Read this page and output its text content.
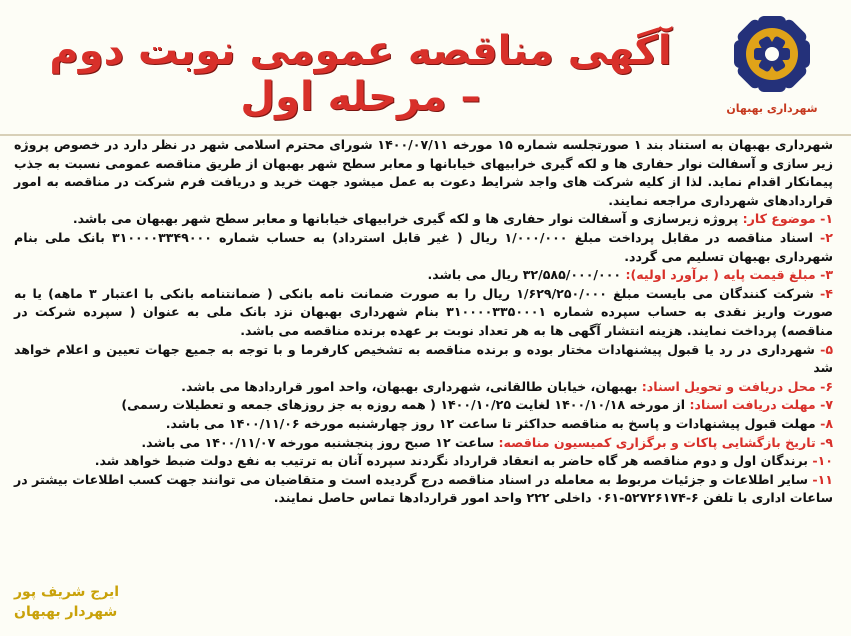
شهرداری بهبهان
آگهی مناقصه عمومی نوبت دوم – مرحله اول

شهرداری بهبهان به استناد بند ۱ صورتجلسه شماره ۱۵ مورخه ۱۴۰۰/۰۷/۱۱ شورای محترم اسلامی شهر در نظر دارد در خصوص پروژه زیر سازی و آسفالت نوار حفاری ها و لکه گیری خرابیهای خیابانها و معابر سطح شهر بهبهان از طریق مناقصه عمومی نسبت به جذب پیمانکار اقدام نماید. لذا از کلیه شرکت های واجد شرایط دعوت به عمل میشود جهت خرید و دریافت فرم شرکت در مناقصه به امور قراردادهای شهرداری مراجعه نمایند.

۱- موضوع کار: پروژه زیرسازی و آسفالت نوار حفاری ها و لکه گیری خرابیهای خیابانها و معابر سطح شهر بهبهان می باشد.

۲- اسناد مناقصه در مقابل پرداخت مبلغ ۱/۰۰۰/۰۰۰ ریال ( غیر قابل استرداد) به حساب شماره ۳۱۰۰۰۰۳۳۴۹۰۰۰ بانک ملی بنام شهرداری بهبهان تسلیم می گردد.

۳- مبلغ قیمت پایه ( برآورد اولیه): ۳۲/۵۸۵/۰۰۰/۰۰۰ ریال می باشد.

۴- شرکت کنندگان می بایست مبلغ ۱/۶۲۹/۲۵۰/۰۰۰ ریال را به صورت ضمانت نامه بانکی ( ضمانتنامه بانکی با اعتبار ۳ ماهه) یا به صورت واریز نقدی به حساب سپرده شماره ۳۱۰۰۰۰۳۳۵۰۰۰۱ بنام شهرداری بهبهان نزد بانک ملی به عنوان ( سپرده شرکت در مناقصه) پرداخت نمایند. هزینه انتشار آگهی ها به هر تعداد نوبت بر عهده برنده مناقصه می باشد.

۵- شهرداری در رد یا قبول پیشنهادات مختار بوده و برنده مناقصه به تشخیص کارفرما و با توجه به جمیع جهات تعیین و اعلام خواهد شد

۶- محل دریافت و تحویل اسناد: بهبهان، خیابان طالقانی، شهرداری بهبهان، واحد امور قراردادها می باشد.

۷- مهلت دریافت اسناد: از مورخه ۱۴۰۰/۱۰/۱۸ لغایت ۱۴۰۰/۱۰/۲۵ ( همه روزه به جز روزهای جمعه و تعطیلات رسمی)

۸- مهلت قبول پیشنهادات و پاسخ به مناقصه حداکثر تا ساعت ۱۲ روز چهارشنبه مورخه ۱۴۰۰/۱۱/۰۶ می باشد.

۹- تاریخ بازگشایی پاکات و برگزاری کمیسیون مناقصه: ساعت ۱۲ صبح روز پنجشنبه مورخه ۱۴۰۰/۱۱/۰۷ می باشد.

۱۰- برندگان اول و دوم مناقصه هر گاه حاضر به انعقاد قرارداد نگردند سپرده آنان به ترتیب به نفع دولت ضبط خواهد شد.

۱۱- سایر اطلاعات و جزئیات مربوط به معامله در اسناد مناقصه درج گردیده است و متقاضیان می توانند جهت کسب اطلاعات بیشتر در ساعات اداری با تلفن ۶-۵۲۷۲۶۱۷۴-۰۶۱ داخلی ۲۲۲ واحد امور قراردادها تماس حاصل نمایند.

ایرج شریف پور
شهردار بهبهان
